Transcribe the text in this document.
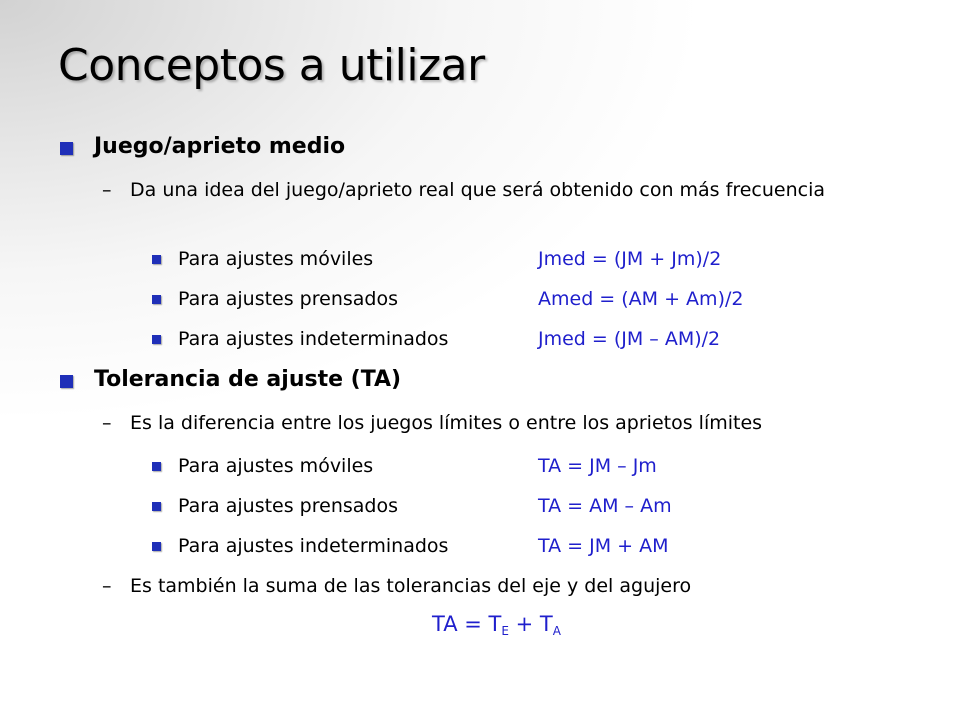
Conceptos a utilizar
Juego/aprieto medio
– Da una idea del juego/aprieto real que será obtenido con más frecuencia
Para ajustes móviles	Jmed = (JM + Jm)/2
Para ajustes prensados	Amed = (AM + Am)/2
Para ajustes indeterminados	Jmed = (JM – AM)/2
Tolerancia de ajuste (TA)
– Es la diferencia entre los juegos límites o entre los aprietos límites
Para ajustes móviles	TA = JM – Jm
Para ajustes prensados	TA = AM – Am
Para ajustes indeterminados	TA = JM + AM
– Es también la suma de las tolerancias del eje y del agujero
TA = $T_E + T_A$
